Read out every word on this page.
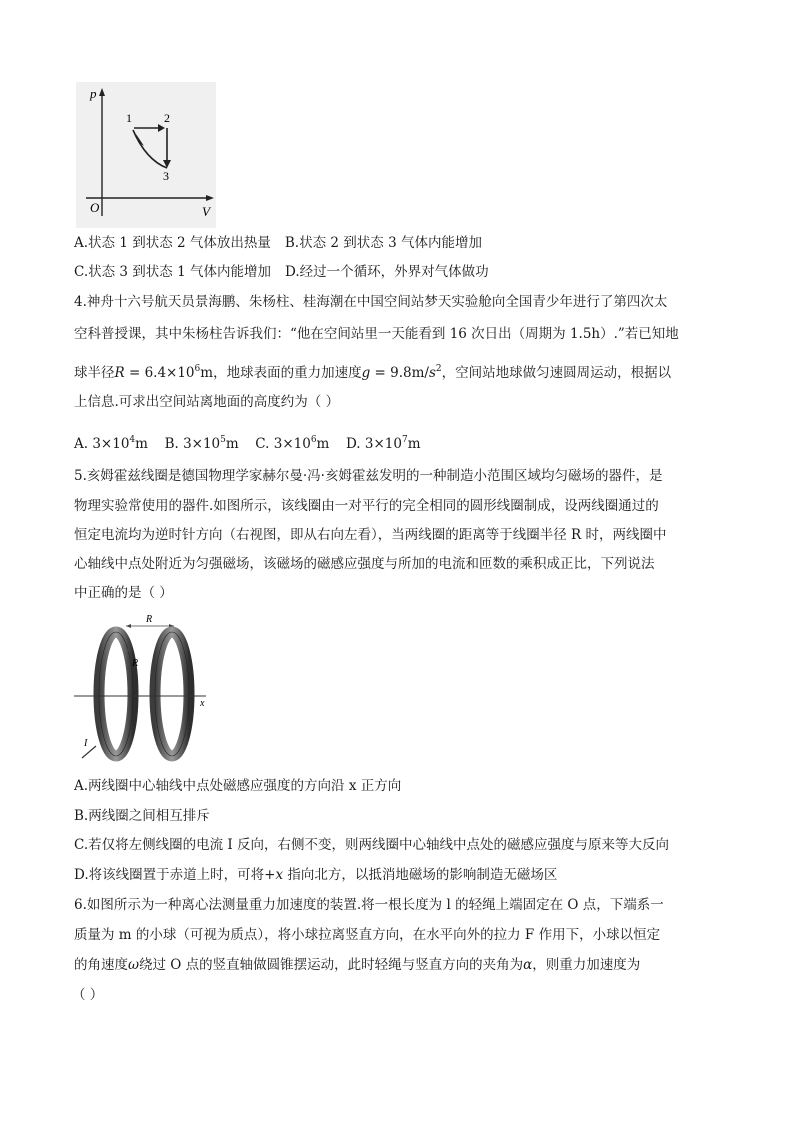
p
V
O
1	2
3
A.状态 1 到状态 2 气体放出热量 B.状态 2 到状态 3 气体内能增加
C.状态 3 到状态 1 气体内能增加 D.经过一个循环，外界对气体做功
4.神舟十六号航天员景海鹏、朱杨柱、桂海潮在中国空间站梦天实验舱向全国青少年进行了第四次太
空科普授课，其中朱杨柱告诉我们：“他在空间站里一天能看到 16 次日出（周期为 1.5h）.”若已知地
球半径$R = 6.4\times 10^6m$，地球表面的重力加速度$g = 9.8m/s^2$，空间站地球做匀速圆周运动，根据以
上信息.可求出空间站离地面的高度约为（ ）
A. $3\times 10^4m$ B. $3\times 10^5m$ C. $3\times 10^6m$ D. $3\times 10^7m$
5.亥姆霍兹线圈是德国物理学家赫尔曼·冯·亥姆霍兹发明的一种制造小范围区域均匀磁场的器件，是
物理实验常使用的器件.如图所示，该线圈由一对平行的完全相同的圆形线圈制成，设两线圈通过的
恒定电流均为逆时针方向（右视图，即从右向左看），当两线圈的距离等于线圈半径 R 时，两线圈中
心轴线中点处附近为匀强磁场，该磁场的磁感应强度与所加的电流和匝数的乘积成正比，下列说法
中正确的是（ ）
R
R
x
I
A.两线圈中心轴线中点处磁感应强度的方向沿 x 正方向
B.两线圈之间相互排斥
C.若仅将左侧线圈的电流 I 反向，右侧不变，则两线圈中心轴线中点处的磁感应强度与原来等大反向
D.将该线圈置于赤道上时，可将+x 指向北方，以抵消地磁场的影响制造无磁场区
6.如图所示为一种离心法测量重力加速度的装置.将一根长度为 l 的轻绳上端固定在 O 点，下端系一
质量为 m 的小球（可视为质点），将小球拉离竖直方向，在水平向外的拉力 F 作用下，小球以恒定
的角速度ω绕过 O 点的竖直轴做圆锥摆运动，此时轻绳与竖直方向的夹角为α，则重力加速度为
（ ）
